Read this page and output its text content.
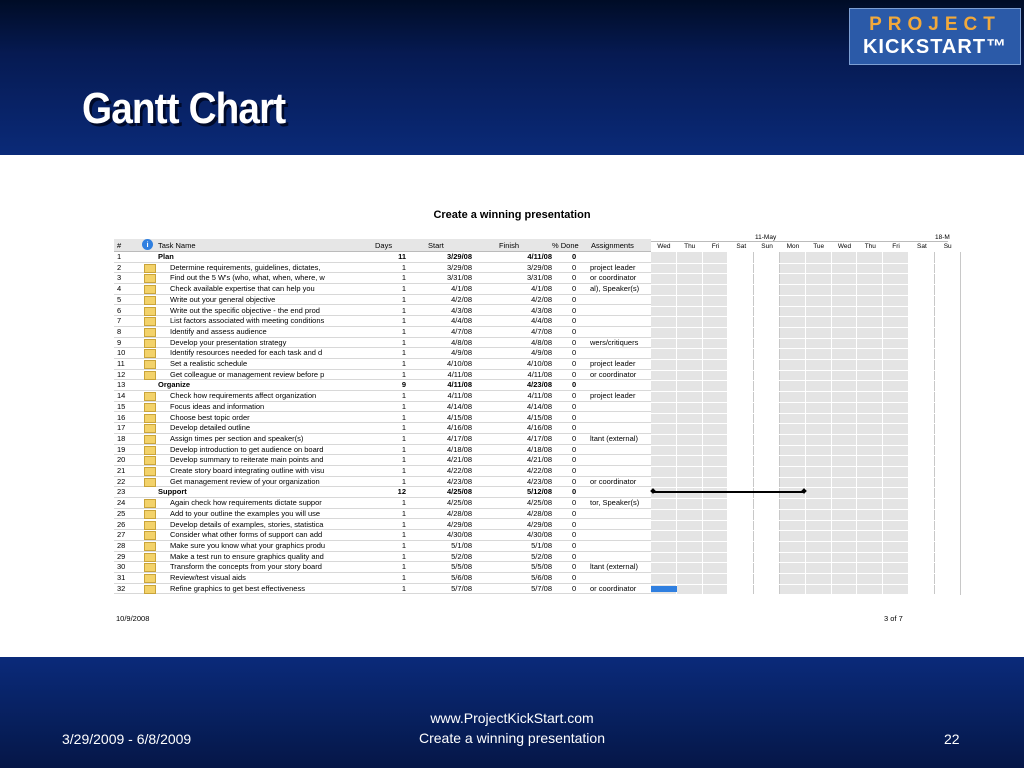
Gantt Chart
PROJECT
KICKSTART™
Create a winning presentation
#	i	Task Name	Days	Start	Finish	% Done Assignments
1	Plan	11	3/29/08	4/11/08	0
2	Determine requirements, guidelines, dictates,	1	3/29/08	3/29/08	0	project leader
3	Find out the 5 W's (who, what, when, where, w	1	3/31/08	3/31/08	0	or coordinator
4	Check available expertise that can help you	1	4/1/08	4/1/08	0	al), Speaker(s)
5	Write out your general objective	1	4/2/08	4/2/08	0
6	Write out the specific objective - the end prod	1	4/3/08	4/3/08	0
7	List factors associated with meeting conditions	1	4/4/08	4/4/08	0
8	Identify and assess audience	1	4/7/08	4/7/08	0
9	Develop your presentation strategy	1	4/8/08	4/8/08	0	wers/critiquers
10	Identify resources needed for each task and d	1	4/9/08	4/9/08	0
11	Set a realistic schedule	1	4/10/08	4/10/08	0	project leader
12	Get colleague or management review before p	1	4/11/08	4/11/08	0	or coordinator
13	Organize	9	4/11/08	4/23/08	0
14	Check how requirements affect organization	1	4/11/08	4/11/08	0	project leader
15	Focus ideas and information	1	4/14/08	4/14/08	0
16	Choose best topic order	1	4/15/08	4/15/08	0
17	Develop detailed outline	1	4/16/08	4/16/08	0
18	Assign times per section and speaker(s)	1	4/17/08	4/17/08	0	ltant (external)
19	Develop introduction to get audience on board	1	4/18/08	4/18/08	0
20	Develop summary to reiterate main points and	1	4/21/08	4/21/08	0
21	Create story board integrating outline with visu	1	4/22/08	4/22/08	0
22	Get management review of your organization	1	4/23/08	4/23/08	0	or coordinator
23	Support	12	4/25/08	5/12/08	0
24	Again check how requirements dictate suppor	1	4/25/08	4/25/08	0	tor, Speaker(s)
25	Add to your outline the examples you will use	1	4/28/08	4/28/08	0
26	Develop details of examples, stories, statistica	1	4/29/08	4/29/08	0
27	Consider what other forms of support can add	1	4/30/08	4/30/08	0
28	Make sure you know what your graphics produ	1	5/1/08	5/1/08	0
29	Make a test run to ensure graphics quality and	1	5/2/08	5/2/08	0
30	Transform the concepts from your story board	1	5/5/08	5/5/08	0	ltant (external)
31	Review/test visual aids	1	5/6/08	5/6/08	0
32	Refine graphics to get best effectiveness	1	5/7/08	5/7/08	0	or coordinator
11-May	18-M
Wed	Thu	Fri	Sat	Sun	Mon	Tue	Wed	Thu	Fri	Sat	Su
10/9/2008	3 of 7
www.ProjectKickStart.com
Create a winning presentation
3/29/2009 - 6/8/2009	22
